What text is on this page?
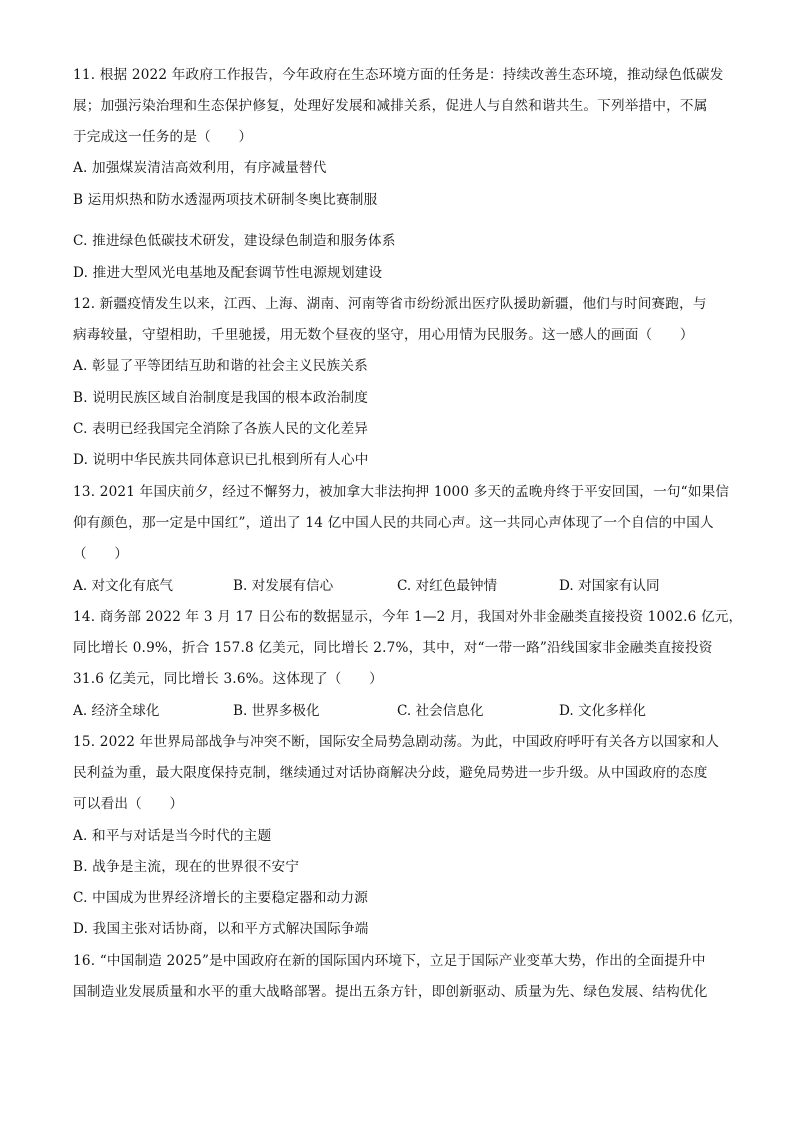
11. 根据 2022 年政府工作报告，今年政府在生态环境方面的任务是：持续改善生态环境，推动绿色低碳发
展；加强污染治理和生态保护修复，处理好发展和减排关系，促进人与自然和谐共生。下列举措中，不属
于完成这一任务的是（　　）
A. 加强煤炭清洁高效利用，有序减量替代
B 运用炽热和防水透湿两项技术研制冬奥比赛制服
C. 推进绿色低碳技术研发，建设绿色制造和服务体系
D. 推进大型风光电基地及配套调节性电源规划建设
12. 新疆疫情发生以来，江西、上海、湖南、河南等省市纷纷派出医疗队援助新疆，他们与时间赛跑，与
病毒较量，守望相助，千里驰援，用无数个昼夜的坚守，用心用情为民服务。这一感人的画面（　　）
A. 彰显了平等团结互助和谐的社会主义民族关系
B. 说明民族区域自治制度是我国的根本政治制度
C. 表明已经我国完全消除了各族人民的文化差异
D. 说明中华民族共同体意识已扎根到所有人心中
13. 2021 年国庆前夕，经过不懈努力，被加拿大非法拘押 1000 多天的孟晚舟终于平安回国，一句“如果信
仰有颜色，那一定是中国红”，道出了 14 亿中国人民的共同心声。这一共同心声体现了一个自信的中国人
（　　）
A. 对文化有底气	B. 对发展有信心	C. 对红色最钟情	D. 对国家有认同
14. 商务部 2022 年 3 月 17 日公布的数据显示，今年 1—2 月，我国对外非金融类直接投资 1002.6 亿元，
同比增长 0.9%，折合 157.8 亿美元，同比增长 2.7%，其中，对“一带一路”沿线国家非金融类直接投资
31.6 亿美元，同比增长 3.6%。这体现了（　　）
A. 经济全球化	B. 世界多极化	C. 社会信息化	D. 文化多样化
15. 2022 年世界局部战争与冲突不断，国际安全局势急剧动荡。为此，中国政府呼吁有关各方以国家和人
民利益为重，最大限度保持克制，继续通过对话协商解决分歧，避免局势进一步升级。从中国政府的态度
可以看出（　　）
A. 和平与对话是当今时代的主题
B. 战争是主流，现在的世界很不安宁
C. 中国成为世界经济增长的主要稳定器和动力源
D. 我国主张对话协商，以和平方式解决国际争端
16. “中国制造 2025”是中国政府在新的国际国内环境下，立足于国际产业变革大势，作出的全面提升中
国制造业发展质量和水平的重大战略部署。提出五条方针，即创新驱动、质量为先、绿色发展、结构优化
